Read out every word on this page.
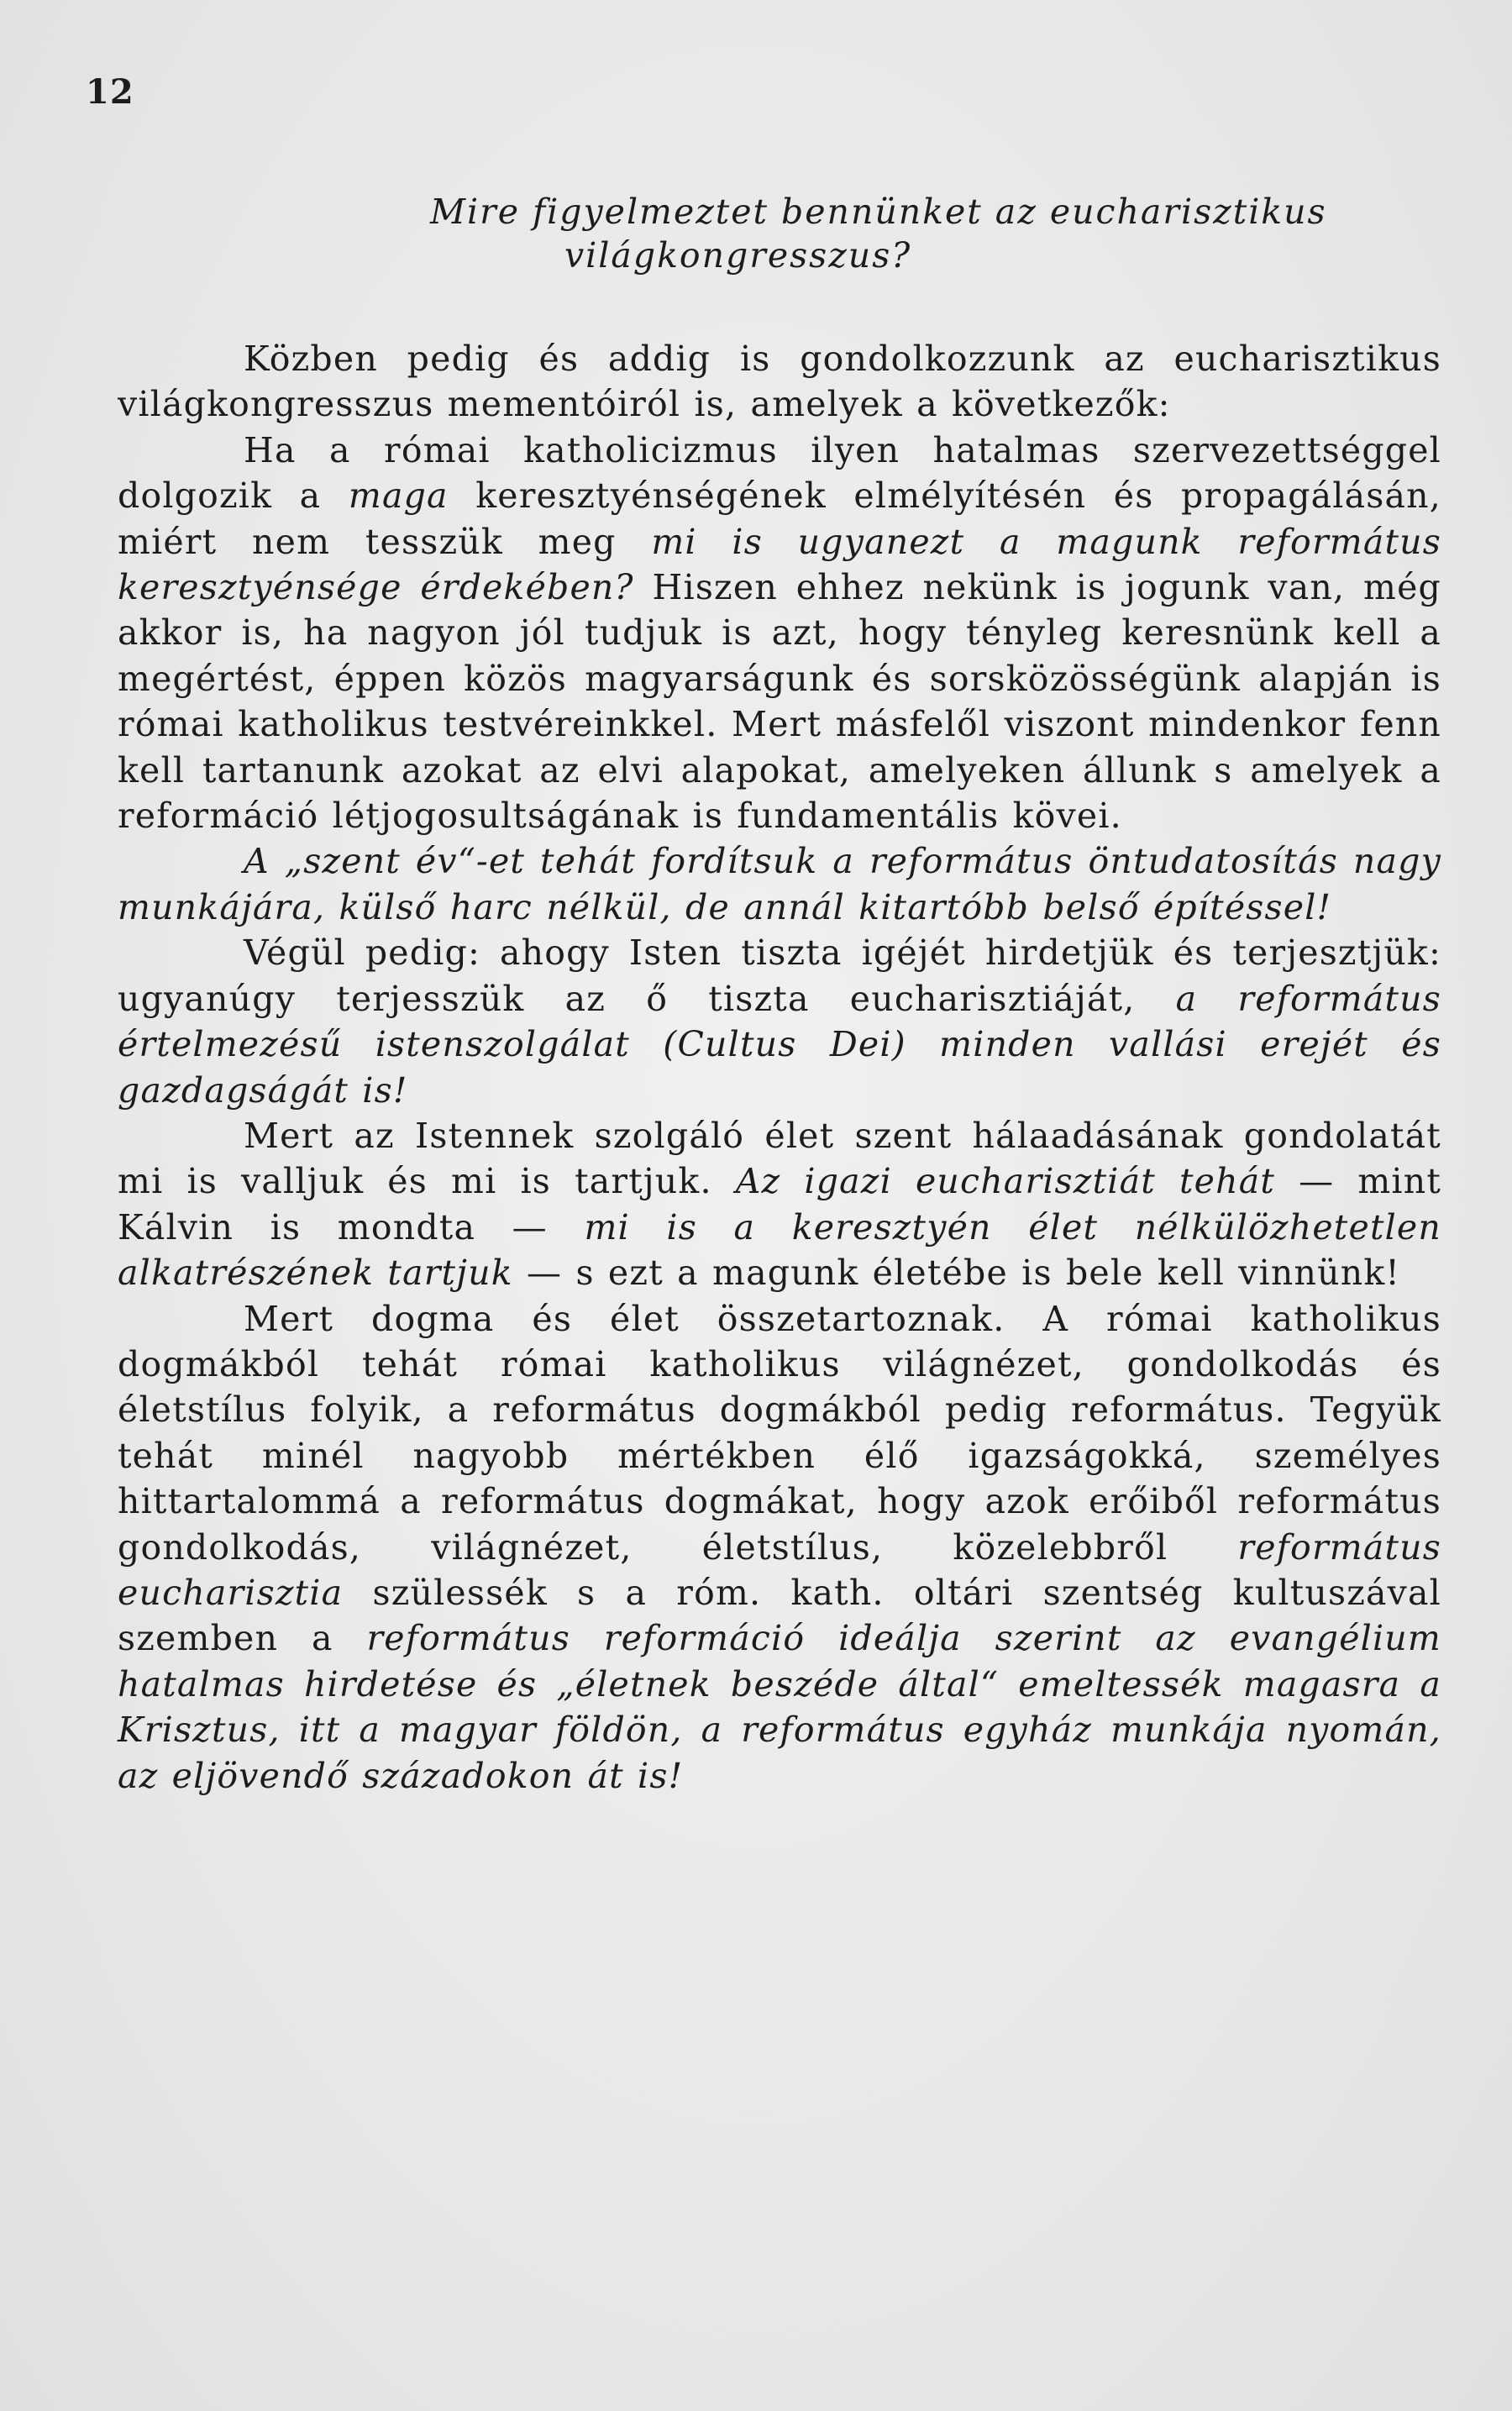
12
Mire figyelmeztet bennünket az eucharisztikus
világkongresszus?

Közben pedig és addig is gondolkozzunk az eucharisztikus világkongresszus mementóiról is, amelyek a következők:

Ha a római katholicizmus ilyen hatalmas szervezettséggel dolgozik a maga keresztyénségének elmélyítésén és propagálásán, miért nem tesszük meg mi is ugyanezt a magunk református keresztyénsége érdekében? Hiszen ehhez nekünk is jogunk van, még akkor is, ha nagyon jól tudjuk is azt, hogy tényleg keresnünk kell a megértést, éppen közös magyarságunk és sorsközösségünk alapján is római katholikus testvéreinkkel. Mert másfelől viszont mindenkor fenn kell tartanunk azokat az elvi alapokat, amelyeken állunk s amelyek a reformáció létjogosultságának is fundamentális kövei.

A „szent év“-et tehát fordítsuk a református öntudatosítás nagy munkájára, külső harc nélkül, de annál kitartóbb belső építéssel!

Végül pedig: ahogy Isten tiszta igéjét hirdetjük és terjesztjük: ugyanúgy terjesszük az ő tiszta eucharisztiáját, a református értelmezésű istenszolgálat (Cultus Dei) minden vallási erejét és gazdagságát is!

Mert az Istennek szolgáló élet szent hálaadásának gondolatát mi is valljuk és mi is tartjuk. Az igazi eucharisztiát tehát — mint Kálvin is mondta — mi is a keresztyén élet nélkülözhetetlen alkatrészének tartjuk — s ezt a magunk életébe is bele kell vinnünk!

Mert dogma és élet összetartoznak. A római katholikus dogmákból tehát római katholikus világnézet, gondolkodás és életstílus folyik, a református dogmákból pedig református. Tegyük tehát minél nagyobb mértékben élő igazságokká, személyes hittartalommá a református dogmákat, hogy azok erőiből református gondolkodás, világnézet, életstílus, közelebbről református eucharisztia szülessék s a róm. kath. oltári szentség kultuszával szemben a református reformáció ideálja szerint az evangélium hatalmas hirdetése és „életnek beszéde által“ emeltessék magasra a Krisztus, itt a magyar földön, a református egyház munkája nyomán, az eljövendő századokon át is!
